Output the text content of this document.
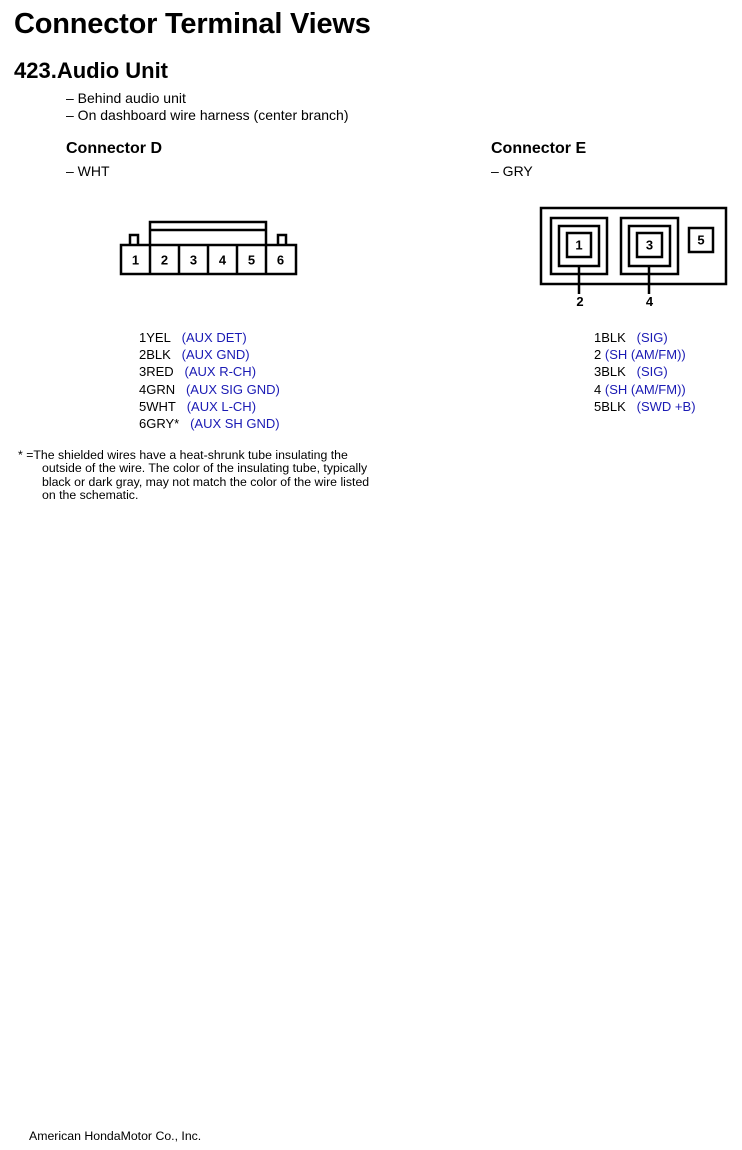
Connector Terminal Views
423.Audio Unit
– Behind audio unit
– On dashboard wire harness (center branch)
Connector D
– WHT
Connector E
– GRY
1 2 3 4 5 6
1	3	5
2	4
1YEL (AUX DET)
2BLK (AUX GND)
3RED (AUX R-CH)
4GRN (AUX SIG GND)
5WHT (AUX L-CH)
6GRY* (AUX SH GND)
1BLK (SIG)
2 (SH (AM/FM))
3BLK (SIG)
4 (SH (AM/FM))
5BLK (SWD +B)
* =The shielded wires have a heat-shrunk tube insulating the
outside of the wire. The color of the insulating tube, typically
black or dark gray, may not match the color of the wire listed
on the schematic.
American HondaMotor Co., Inc.
